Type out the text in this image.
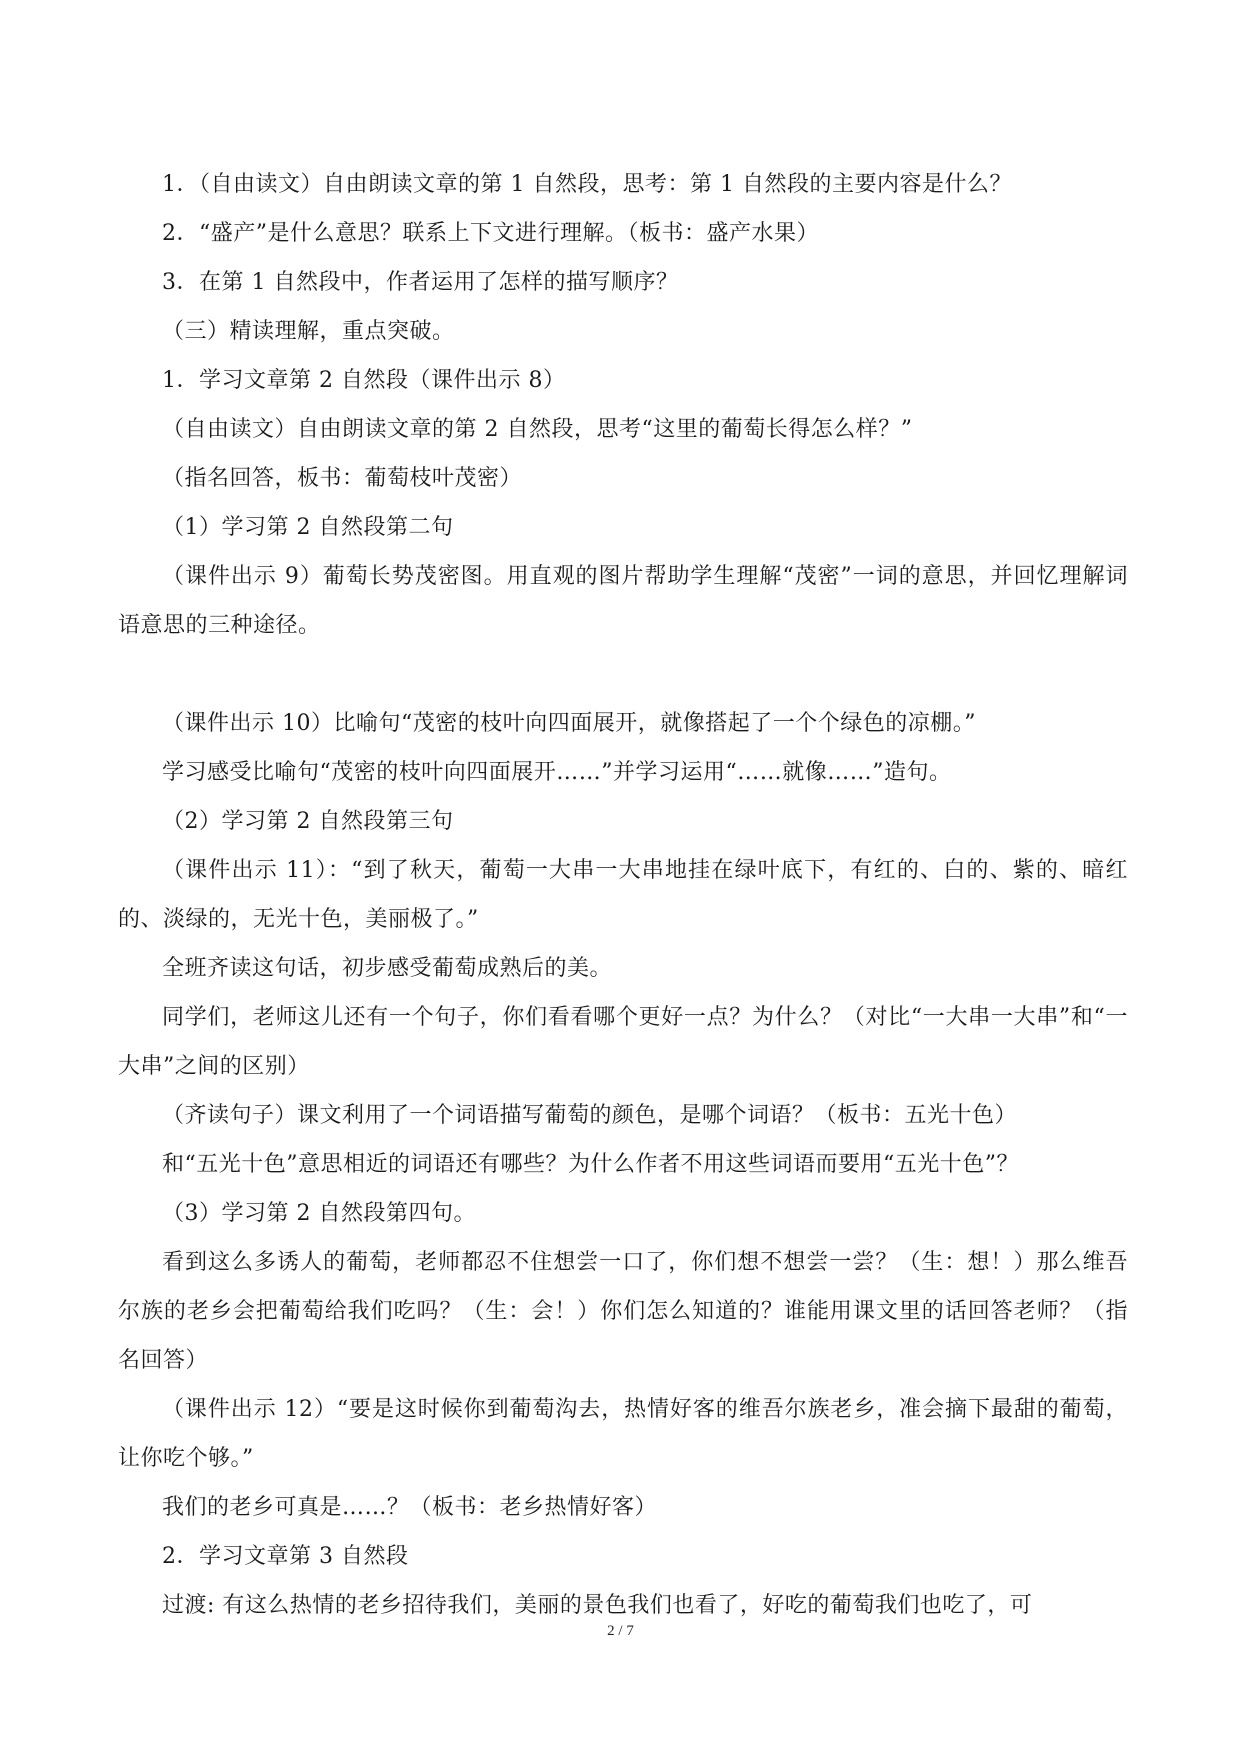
1．（自由读文）自由朗读文章的第 1 自然段，思考：第 1 自然段的主要内容是什么？

2．“盛产”是什么意思？联系上下文进行理解。（板书：盛产水果）

3．在第 1 自然段中，作者运用了怎样的描写顺序？

（三）精读理解，重点突破。

1．学习文章第 2 自然段（课件出示 8）

（自由读文）自由朗读文章的第 2 自然段，思考“这里的葡萄长得怎么样？”

（指名回答，板书：葡萄枝叶茂密）

（1）学习第 2 自然段第二句

（课件出示 9）葡萄长势茂密图。用直观的图片帮助学生理解“茂密”一词的意思，并回忆理解词语意思的三种途径。

（课件出示 10）比喻句“茂密的枝叶向四面展开，就像搭起了一个个绿色的凉棚。”

学习感受比喻句“茂密的枝叶向四面展开……”并学习运用“……就像……”造句。

（2）学习第 2 自然段第三句

（课件出示 11）：“到了秋天，葡萄一大串一大串地挂在绿叶底下，有红的、白的、紫的、暗红的、淡绿的，无光十色，美丽极了。”

全班齐读这句话，初步感受葡萄成熟后的美。

同学们，老师这儿还有一个句子，你们看看哪个更好一点？为什么？（对比“一大串一大串”和“一大串”之间的区别）

（齐读句子）课文利用了一个词语描写葡萄的颜色，是哪个词语？（板书：五光十色）

和“五光十色”意思相近的词语还有哪些？为什么作者不用这些词语而要用“五光十色”？

（3）学习第 2 自然段第四句。

看到这么多诱人的葡萄，老师都忍不住想尝一口了，你们想不想尝一尝？（生：想！）那么维吾尔族的老乡会把葡萄给我们吃吗？（生：会！）你们怎么知道的？谁能用课文里的话回答老师？（指名回答）

（课件出示 12）“要是这时候你到葡萄沟去，热情好客的维吾尔族老乡，准会摘下最甜的葡萄，让你吃个够。”

我们的老乡可真是……？（板书：老乡热情好客）

2．学习文章第 3 自然段

过渡: 有这么热情的老乡招待我们，美丽的景色我们也看了，好吃的葡萄我们也吃了，可

2 / 7
